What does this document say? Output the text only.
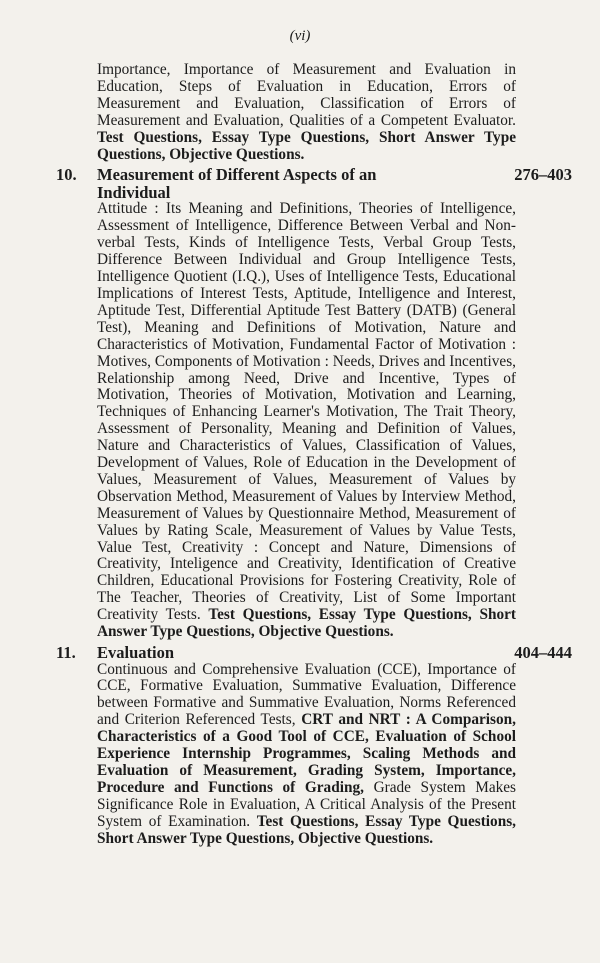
(vi)
Importance, Importance of Measurement and Evaluation in Education, Steps of Evaluation in Education, Errors of Measurement and Evaluation, Classification of Errors of Measurement and Evaluation, Qualities of a Competent Evaluator. Test Questions, Essay Type Questions, Short Answer Type Questions, Objective Questions.
10.	Measurement of Different Aspects of an Individual
276–403
Attitude : Its Meaning and Definitions, Theories of Intelligence, Assessment of Intelligence, Difference Between Verbal and Non-verbal Tests, Kinds of Intelligence Tests, Verbal Group Tests, Difference Between Individual and Group Intelligence Tests, Intelligence Quotient (I.Q.), Uses of Intelligence Tests, Educational Implications of Interest Tests, Aptitude, Intelligence and Interest, Aptitude Test, Differential Aptitude Test Battery (DATB) (General Test), Meaning and Definitions of Motivation, Nature and Characteristics of Motivation, Fundamental Factor of Motivation : Motives, Components of Motivation : Needs, Drives and Incentives, Relationship among Need, Drive and Incentive, Types of Motivation, Theories of Motivation, Motivation and Learning, Techniques of Enhancing Learner's Motivation, The Trait Theory, Assessment of Personality, Meaning and Definition of Values, Nature and Characteristics of Values, Classification of Values, Development of Values, Role of Education in the Development of Values, Measurement of Values, Measurement of Values by Observation Method, Measurement of Values by Interview Method, Measurement of Values by Questionnaire Method, Measurement of Values by Rating Scale, Measurement of Values by Value Tests, Value Test, Creativity : Concept and Nature, Dimensions of Creativity, Inteligence and Creativity, Identification of Creative Children, Educational Provisions for Fostering Creativity, Role of The Teacher, Theories of Creativity, List of Some Important Creativity Tests. Test Questions, Essay Type Questions, Short Answer Type Questions, Objective Questions.
11.	Evaluation	404–444
Continuous and Comprehensive Evaluation (CCE), Importance of CCE, Formative Evaluation, Summative Evaluation, Difference between Formative and Summative Evaluation, Norms Referenced and Criterion Referenced Tests, CRT and NRT : A Comparison, Characteristics of a Good Tool of CCE, Evaluation of School Experience Internship Programmes, Scaling Methods and Evaluation of Measurement, Grading System, Importance, Procedure and Functions of Grading, Grade System Makes Significance Role in Evaluation, A Critical Analysis of the Present System of Examination. Test Questions, Essay Type Questions, Short Answer Type Questions, Objective Questions.
